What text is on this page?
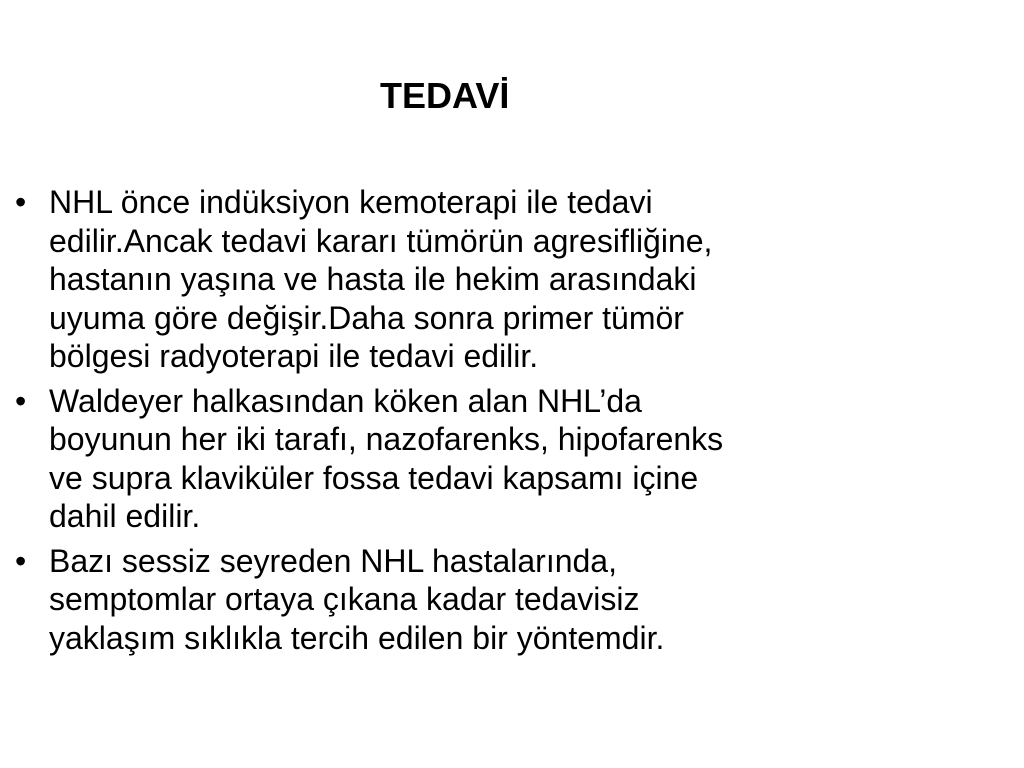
TEDAVİ
• NHL önce indüksiyon kemoterapi ile tedavi
edilir.Ancak tedavi kararı tümörün agresifliğine,
hastanın yaşına ve hasta ile hekim arasındaki
uyuma göre değişir.Daha sonra primer tümör
bölgesi radyoterapi ile tedavi edilir.
• Waldeyer halkasından köken alan NHL’da
boyunun her iki tarafı, nazofarenks, hipofarenks
ve supra klaviküler fossa tedavi kapsamı içine
dahil edilir.
• Bazı sessiz seyreden NHL hastalarında,
semptomlar ortaya çıkana kadar tedavisiz
yaklaşım sıklıkla tercih edilen bir yöntemdir.
